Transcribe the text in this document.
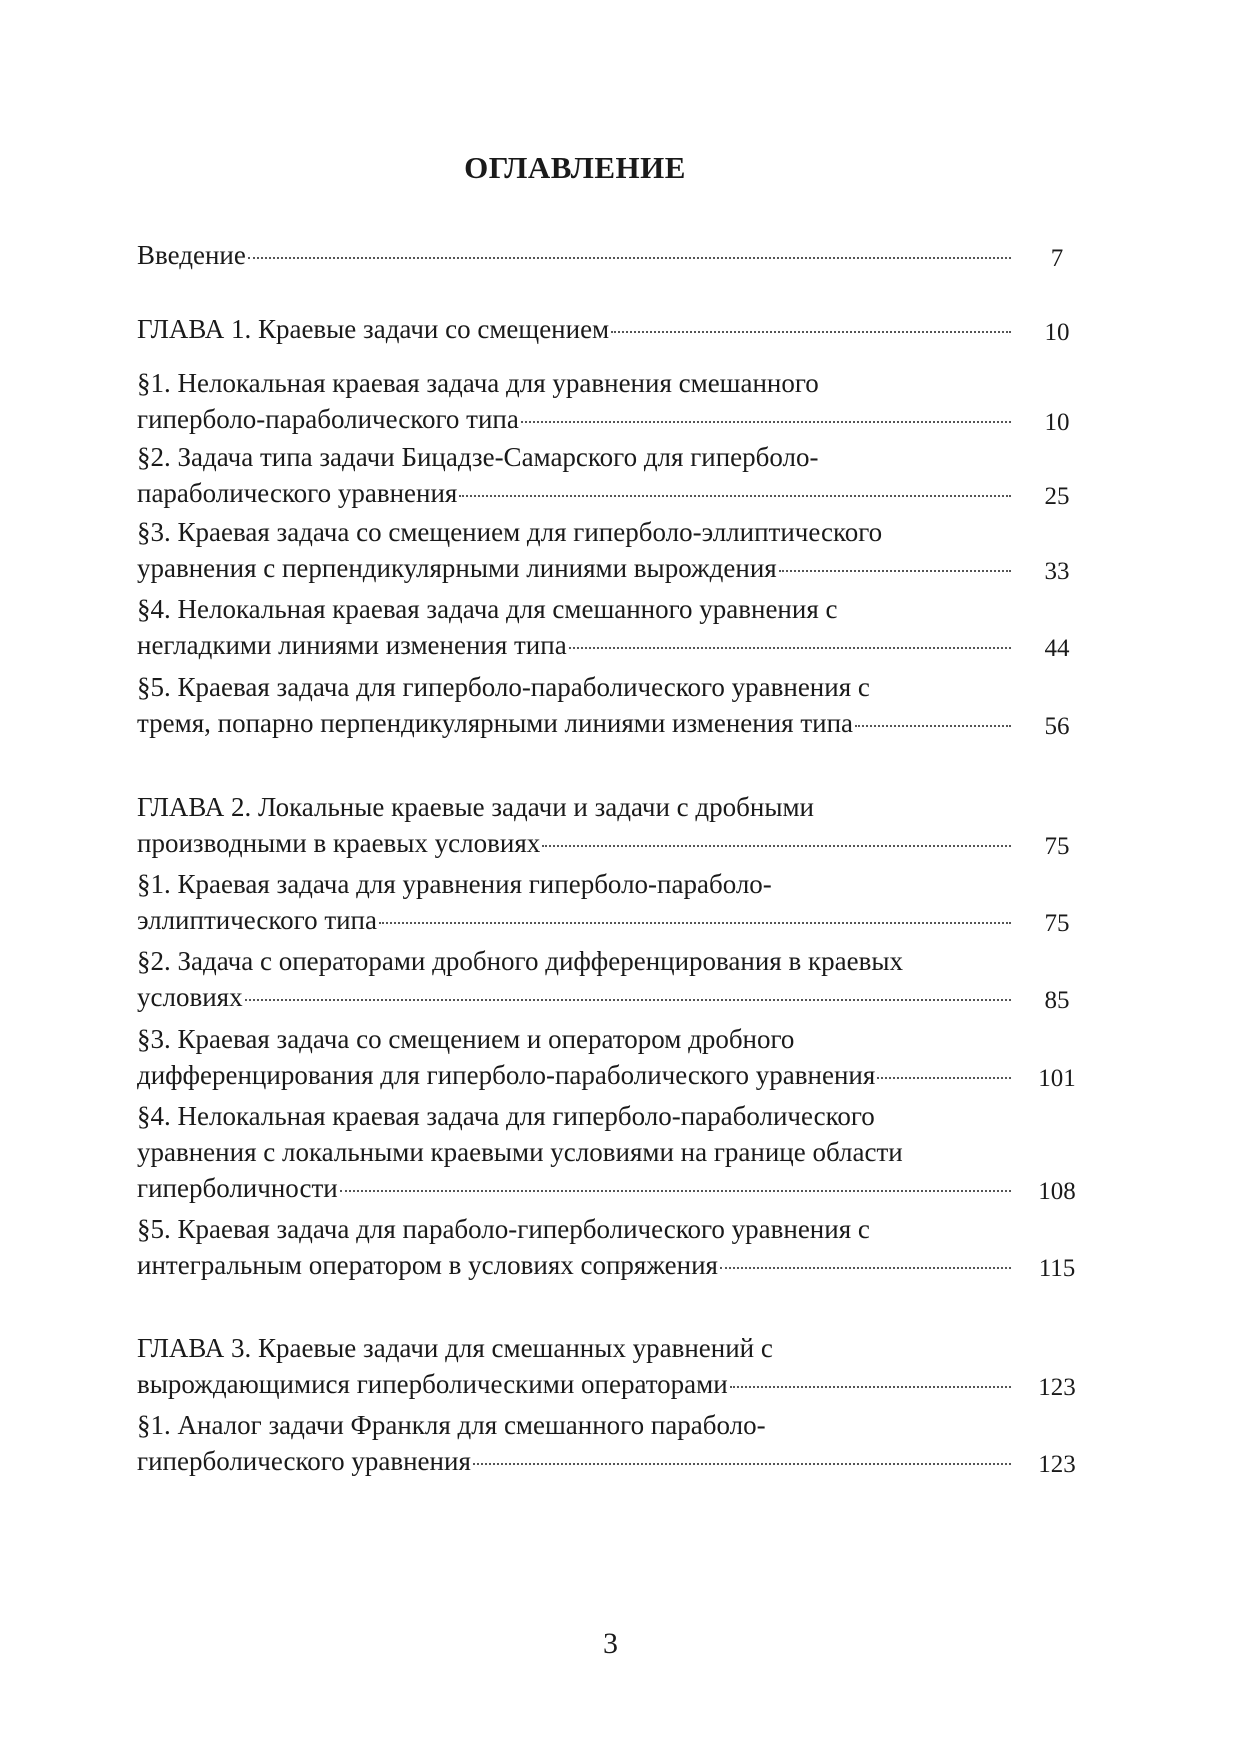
ОГЛАВЛЕНИЕ
Введение	7
ГЛАВА 1. Краевые задачи со смещением	10
§1. Нелокальная краевая задача для уравнения смешанного
гиперболо-параболического типа	10
§2. Задача типа задачи Бицадзе-Самарского для гиперболо-
параболического уравнения	25
§3. Краевая задача со смещением для гиперболо-эллиптического
уравнения с перпендикулярными линиями вырождения	33
§4. Нелокальная краевая задача для смешанного уравнения с
негладкими линиями изменения типа	44
§5. Краевая задача для гиперболо-параболического уравнения с
тремя, попарно перпендикулярными линиями изменения типа	56
ГЛАВА 2. Локальные краевые задачи и задачи с дробными
производными в краевых условиях	75
§1. Краевая задача для уравнения гиперболо-параболо-
эллиптического типа	75
§2. Задача с операторами дробного дифференцирования в краевых
условиях	85
§3. Краевая задача со смещением и оператором дробного
дифференцирования для гиперболо-параболического уравнения	101
§4. Нелокальная краевая задача для гиперболо-параболического
уравнения с локальными краевыми условиями на границе области
гиперболичности	108
§5. Краевая задача для параболо-гиперболического уравнения с
интегральным оператором в условиях сопряжения	115
ГЛАВА 3. Краевые задачи для смешанных уравнений с
вырождающимися гиперболическими операторами	123
§1. Аналог задачи Франкля для смешанного параболо-
гиперболического уравнения	123
3
